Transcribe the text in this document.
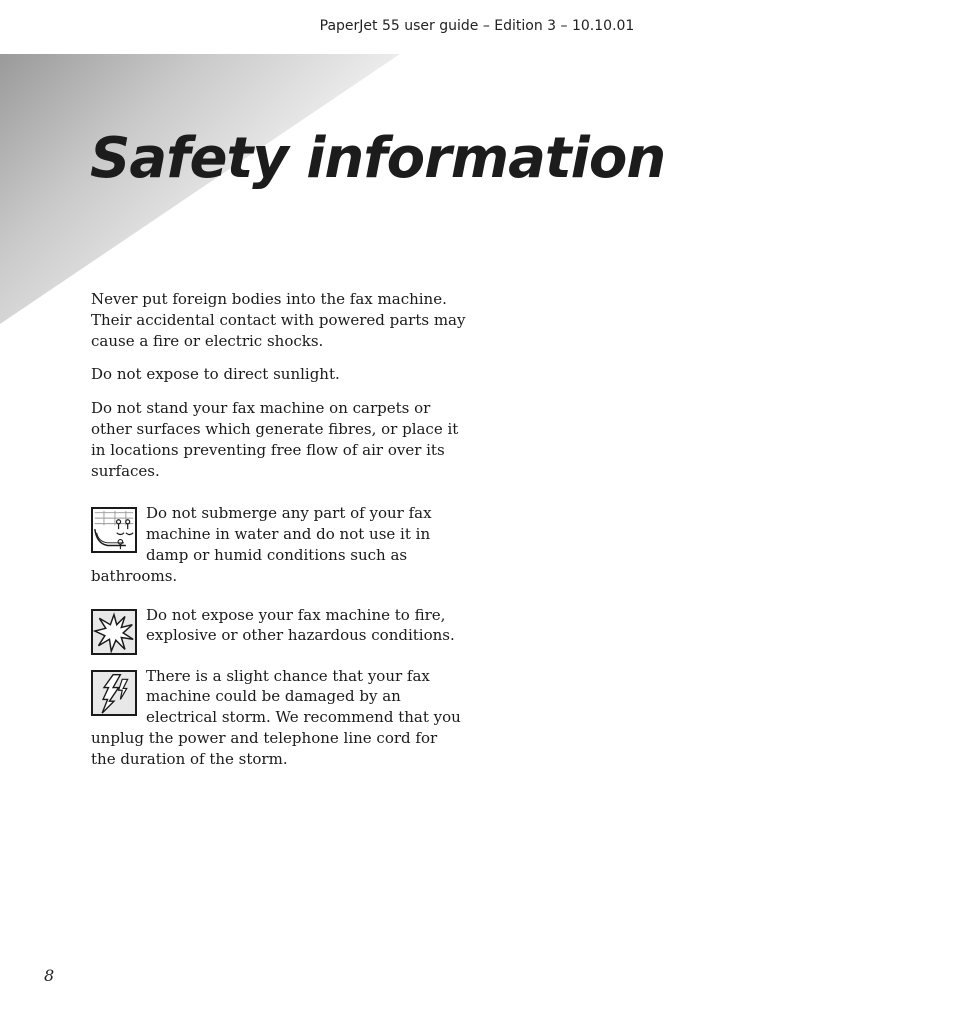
PaperJet 55 user guide – Edition 3 – 10.10.01
Safety information

Never put foreign bodies into the fax machine. Their accidental contact with powered parts may cause a fire or electric shocks.

Do not expose to direct sunlight.

Do not stand your fax machine on carpets or other surfaces which generate fibres, or place it in locations preventing free flow of air over its surfaces.

Do not submerge any part of your fax machine in water and do not use it in damp or humid conditions such as bathrooms.

Do not expose your fax machine to fire, explosive or other hazardous conditions.

There is a slight chance that your fax machine could be damaged by an electrical storm. We recommend that you unplug the power and telephone line cord for the duration of the storm.

8
